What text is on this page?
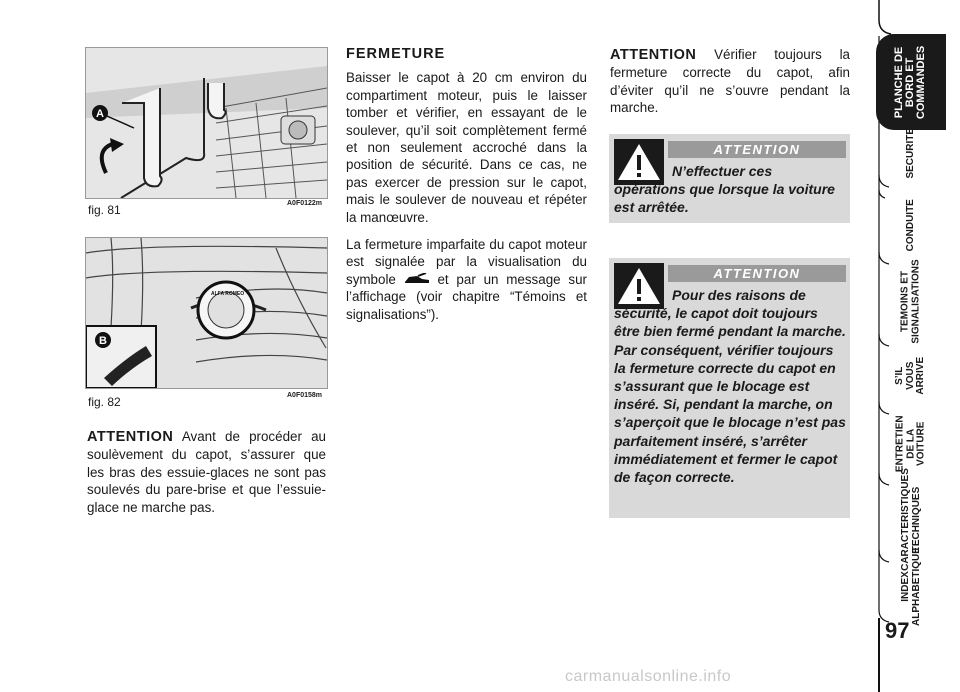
A
fig. 81	A0F0122m
ALFA ROMEO
B
fig. 82	A0F0158m

ATTENTION Avant de procéder au soulèvement du capot, s’assurer que les bras des essuie-glaces ne sont pas soulevés du pare-brise et que l’essuie-glace ne marche pas.

FERMETURE

Baisser le capot à 20 cm environ du compartiment moteur, puis le laisser tomber et vérifier, en essayant de le soulever, qu’il soit complètement fermé et non seulement accroché dans la position de sécurité. Dans ce cas, ne pas exercer de pression sur le capot, mais le soulever de nouveau et répéter la manœuvre.

La fermeture imparfaite du capot moteur est signalée par la visualisation du symbole	et par un message sur l’affichage (voir chapitre “Témoins et signalisations”).

ATTENTION Vérifier toujours la fermeture correcte du capot, afin d’éviter qu’il ne s’ouvre pendant la marche.

ATTENTION
N’effectuer ces opérations que lorsque la voiture est arrêtée.
ATTENTION
Pour des raisons de sécurité, le capot doit toujours être bien fermé pendant la marche. Par conséquent, vérifier toujours la fermeture correcte du capot en s’assurant que le blocage est inséré. Si, pendant la marche, on s’aperçoit que le blocage n’est pas parfaitement inséré, s’arrêter immédiatement et fermer le capot de façon correcte.
PLANCHE DE
BORD ET
COMMANDES
SECURITE
CONDUITE
TEMOINS ET
SIGNALISATIONS
S’IL VOUS
ARRIVE
ENTRETIEN
DE LA VOITURE
CARACTERISTIQUES
TECHNIQUES
INDEX
ALPHABETIQUE
97
carmanualsonline.info
